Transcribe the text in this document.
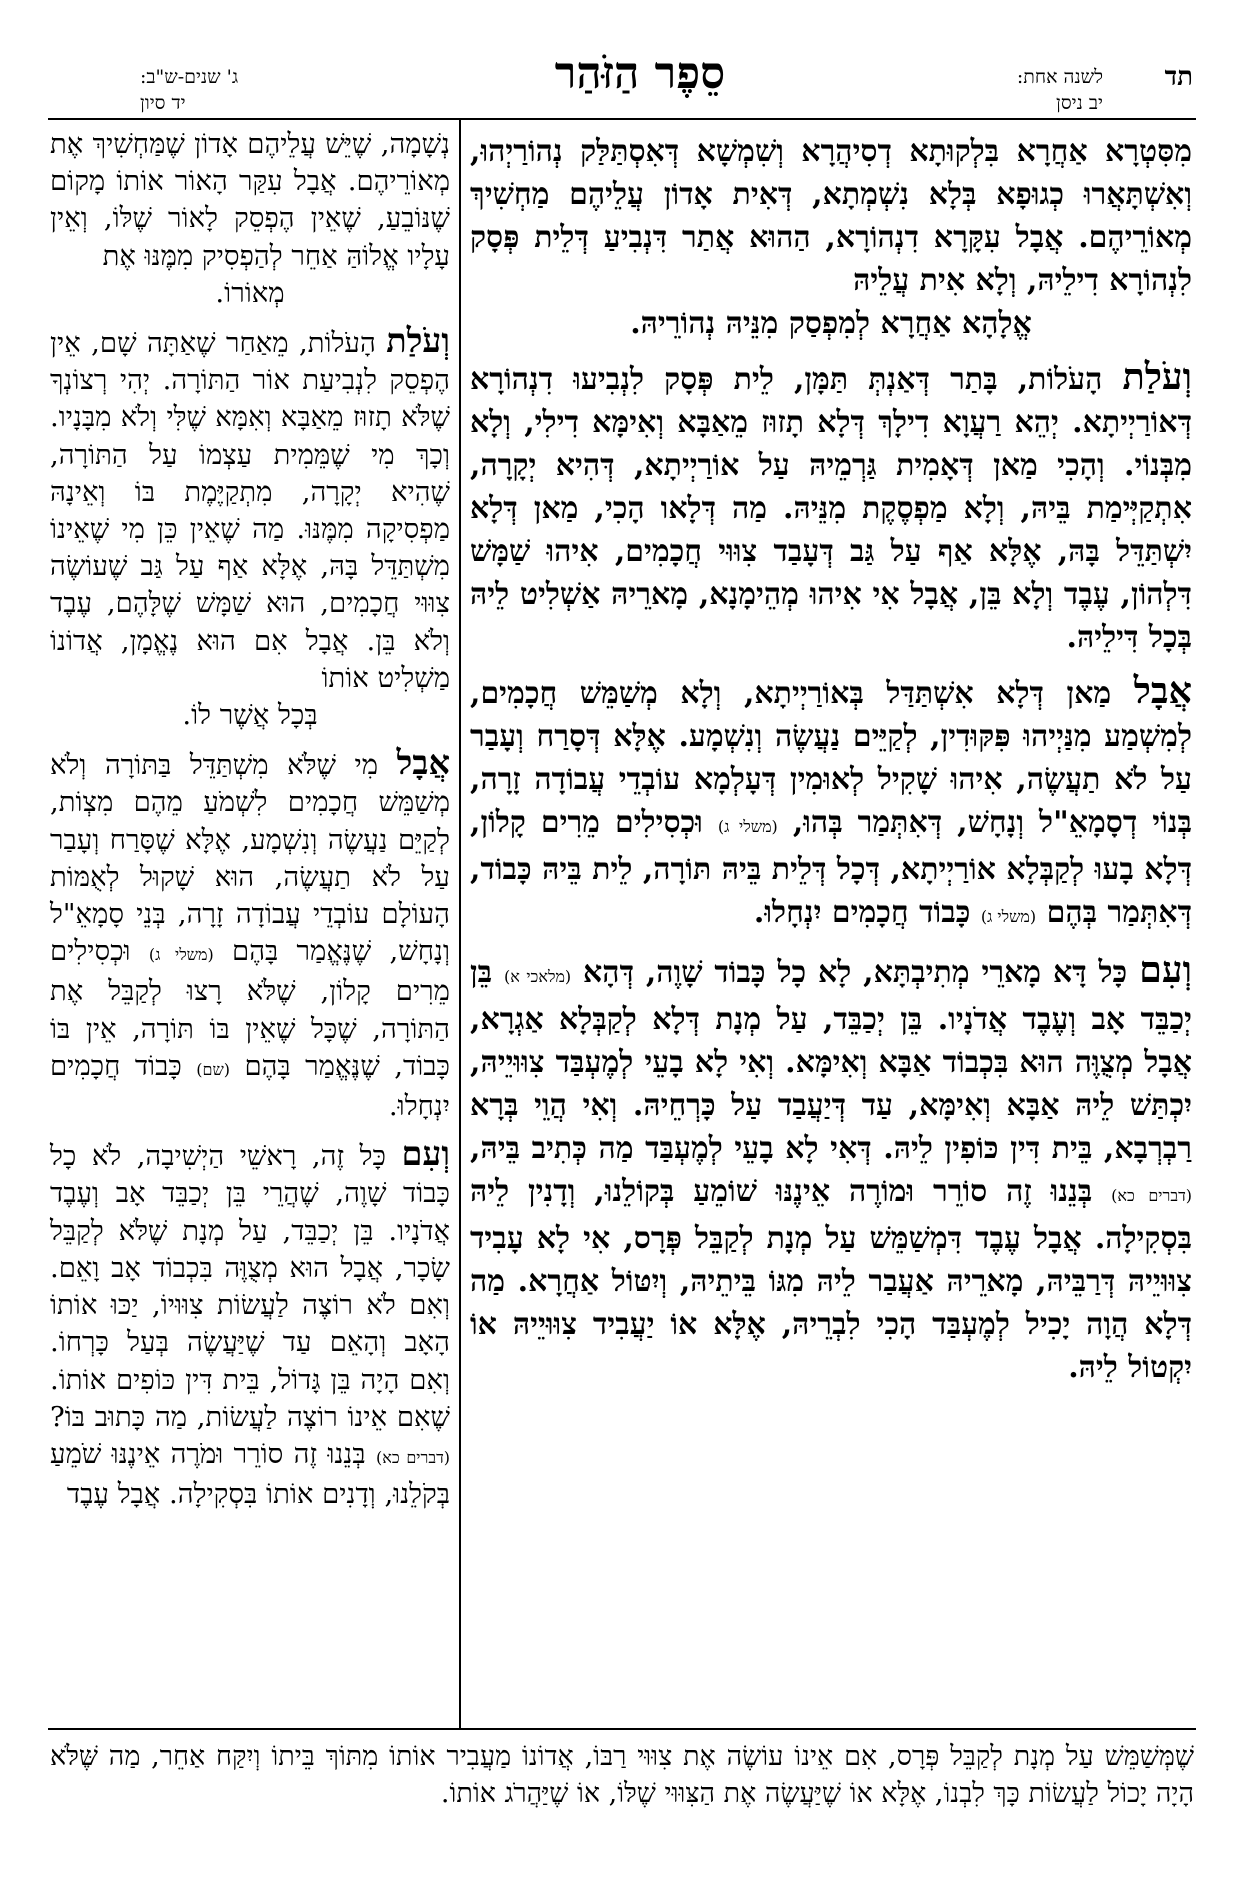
תד
לשנה אחת:
יב ניסן
סֵפֶר הַזֹּהַר
ג' שנים-ש"ב:
יד סיון

מִסִּטְרָא אַחֲרָא בִּלְקוּתָא דְסִיהֲרָא וְשִׁמְשָׁא דְּאִסְתַּלַּק נְהוֹרַיְהוּ, וְאִשְׁתָּאֲרוּ כְגוּפָא בְּלָא נִשְׁמְתָא, דְּאִית אָדוֹן עֲלֵיהֶם מַחְשִׁיךְ מְאוֹרֵיהֶם. אֲבָל עִקָּרָא דִנְהוֹרָא, הַהוּא אֲתַר דִּנְבִיעַ דְּלֵית פְּסָק לִנְהוֹרָא דִילֵיהּ, וְלָא אִית עֲלֵיהּ
אֱלָהָא אַחֲרָא לְמִפְסַק מִנֵּיהּ נְהוֹרֵיהּ.

וְעֹלַת הָעֹלוֹת, בָּתַר דְּאַנְתְּ תַּמָּן, לֵית פְּסָק לִנְבִיעוּ דִנְהוֹרָא דְּאוֹרַיְיתָא. יְהֵא רַעֲוָא דִילָךְ דְּלָא תָזוּז מֵאַבָּא וְאִימָּא דִילִי, וְלָא מִבְּנוֹי. וְהָכִי מַאן דְּאָמִית גַּרְמֵיהּ עַל אוֹרַיְיתָא, דְּהִיא יְקָרָה, אִתְקַיְּימַת בֵּיהּ, וְלָא מַפְסֶקֶת מִנֵּיהּ. מַה דְּלָאו הָכִי, מַאן דְּלָא יִשְׁתַּדֵּל בָּהּ, אֶלָּא אַף עַל גַּב דְּעָבַד צִוּוּי חֲכָמִים, אִיהוּ שַׁמָּשׁ דִּלְהוֹן, עֶבֶד וְלָא בֵּן, אֲבָל אִי אִיהוּ מְהֵימָנָא, מָארֵיהּ אַשְׁלִיט לֵיהּ בְּכָל דִּילֵיהּ.

אֲבָל מַאן דְּלָא אִשְׁתַּדַּל בְּאוֹרַיְיתָא, וְלָא מְשַׁמֵּשׁ חֲכָמִים, לְמִשְׁמַע מִנַּיְיהוּ פִּקּוּדִין, לְקַיֵּים נַעֲשֶׂה וְנִשְׁמָע. אֶלָּא דְּסָרַח וְעָבַר עַל לֹא תַעֲשֶׂה, אִיהוּ שָׁקִיל לְאוּמִין דְּעָלְמָא עוֹבְדֵי עֲבוֹדָה זָרָה, בְּנוֹי דְסָמָאֵ"ל וְנָחָשׁ, דְּאִתְּמַר בְּהוּ, (משלי ג) וּכְסִילִים מֵרִים קָלוֹן, דְּלָא בָעוּ לְקַבְּלָא אוֹרַיְיתָא, דְּכָל דְּלֵית בֵּיהּ תּוֹרָה, לֵית בֵּיהּ כָּבוֹד, דְּאִתְּמַר בְּהֶם (משלי ג) כָּבוֹד חֲכָמִים יִנְחָלוּ.

וְעִם כָּל דָּא מָארֵי מְתִיבְתָּא, לָא כָל כָּבוֹד שָׁוֶה, דְּהָא (מלאכי א) בֵּן יְכַבֵּד אָב וְעֶבֶד אֲדֹנָיו. בֵּן יְכַבֵּד, עַל מְנָת דְּלָא לְקַבְּלָא אַגְרָא, אֲבָל מְצֻוֶּה הוּא בִּכְבוֹד אַבָּא וְאִימָּא. וְאִי לָא בָעֵי לְמֶעְבַּד צִוּוּיֵיהּ, יִכְתַּשׁ לֵיהּ אַבָּא וְאִימָּא, עַד דְּיַעֲבַד עַל כָּרְחֵיהּ. וְאִי הֲוֵי בְּרָא רַבְרְבָא, בֵּית דִּין כּוֹפִין לֵיהּ. דְּאִי לָא בָעֵי לְמֶעְבַּד מַה כְּתִיב בֵּיהּ, (דברים כא) בְּנֵנוּ זֶה סוֹרֵר וּמוֹרֶה אֵינֶנּוּ שׁוֹמֵעַ בְּקוֹלֵנוּ, וְדָנִין לֵיהּ בִּסְקִילָה. אֲבָל עֶבֶד דִּמְשַׁמֵּשׁ עַל מְנָת לְקַבֵּל פְּרָס, אִי לָא עָבִיד צִוּוּיֵיהּ דְּרַבֵּיהּ, מָארֵיהּ אַעֲבַר לֵיהּ מִגּוֹ בֵּיתֵיהּ, וְיִטּוֹל אַחֲרָא. מַה דְּלָא הֲוָה יָכִיל לְמֶעְבַּד הָכִי לִבְרֵיהּ, אֶלָּא אוֹ יַעֲבִיד צִוּוּיֵיהּ אוֹ יִקְטוֹל לֵיהּ.

נְשָׁמָה, שֶׁיֵּשׁ עֲלֵיהֶם אָדוֹן שֶׁמַּחְשִׁיךְ אֶת מְאוֹרֵיהֶם. אֲבָל עִקַּר הָאוֹר אוֹתוֹ מָקוֹם שֶׁנּוֹבֵעַ, שֶׁאֵין הֶפְסֵק לָאוֹר שֶׁלּוֹ, וְאֵין עָלָיו אֱלוֹהַּ אַחֵר לְהַפְסִיק מִמֶּנּוּ אֶת
מְאוֹרוֹ.

וְעֹלַת הָעֹלוֹת, מֵאַחַר שֶׁאַתָּה שָׁם, אֵין הֶפְסֵק לִנְבִיעַת אוֹר הַתּוֹרָה. יְהִי רְצוֹנְךָ שֶׁלֹּא תָזוּז מֵאַבָּא וְאִמָּא שֶׁלִּי וְלֹא מִבָּנָיו. וְכָךְ מִי שֶׁמֵּמִית עַצְמוֹ עַל הַתּוֹרָה, שֶׁהִיא יְקָרָה, מִתְקַיֶּמֶת בּוֹ וְאֵינָהּ מַפְסִיקָה מִמֶּנּוּ. מַה שֶׁאֵין כֵּן מִי שֶׁאֵינוֹ מִשְׁתַּדֵּל בָּהּ, אֶלָּא אַף עַל גַּב שֶׁעוֹשֶׂה צִוּוּי חֲכָמִים, הוּא שַׁמָּשׁ שֶׁלָּהֶם, עֶבֶד וְלֹא בֵּן. אֲבָל אִם הוּא נֶאֱמָן, אֲדוֹנוֹ מַשְׁלִיט אוֹתוֹ
בְּכָל אֲשֶׁר לוֹ.

אֲבָל מִי שֶׁלֹּא מִשְׁתַּדֵּל בַּתּוֹרָה וְלֹא מְשַׁמֵּשׁ חֲכָמִים לִשְׁמֹעַ מֵהֶם מִצְוֹת, לְקַיֵּם נַעֲשֶׂה וְנִשְׁמָע, אֶלָּא שֶׁסָּרַח וְעָבַר עַל לֹא תַעֲשֶׂה, הוּא שָׁקוּל לְאֻמּוֹת הָעוֹלָם עוֹבְדֵי עֲבוֹדָה זָרָה, בְּנֵי סָמָאֵ"ל וְנָחָשׁ, שֶׁנֶּאֱמַר בָּהֶם (משלי ג) וּכְסִילִים מֵרִים קָלוֹן, שֶׁלֹּא רָצוּ לְקַבֵּל אֶת הַתּוֹרָה, שֶׁכָּל שֶׁאֵין בּוֹ תּוֹרָה, אֵין בּוֹ כָּבוֹד, שֶׁנֶּאֱמַר בָּהֶם (שם) כָּבוֹד חֲכָמִים יִנְחָלוּ.

וְעִם כָּל זֶה, רָאשֵׁי הַיְשִׁיבָה, לֹא כָל כָּבוֹד שָׁוֶה, שֶׁהֲרֵי בֵּן יְכַבֵּד אָב וְעֶבֶד אֲדֹנָיו. בֵּן יְכַבֵּד, עַל מְנָת שֶׁלֹּא לְקַבֵּל שָׂכָר, אֲבָל הוּא מְצֻוֶּה בִּכְבוֹד אָב וָאֵם. וְאִם לֹא רוֹצֶה לַעֲשׂוֹת צִוּוּיוֹ, יַכּוּ אוֹתוֹ הָאָב וְהָאֵם עַד שֶׁיַּעֲשֶׂה בְּעַל כָּרְחוֹ. וְאִם הָיָה בֵּן גָּדוֹל, בֵּית דִּין כּוֹפִים אוֹתוֹ. שֶׁאִם אֵינוֹ רוֹצֶה לַעֲשׂוֹת, מַה כָּתוּב בּוֹ? (דברים כא) בְּנֵנוּ זֶה סוֹרֵר וּמֹרֶה אֵינֶנּוּ שֹׁמֵעַ בְּקֹלֵנוּ, וְדָנִים אוֹתוֹ בִּסְקִילָה. אֲבָל עֶבֶד

שֶׁמְּשַׁמֵּשׁ עַל מְנָת לְקַבֵּל פְּרָס, אִם אֵינוֹ עוֹשֶׂה אֶת צִוּוּי רַבּוֹ, אֲדוֹנוֹ מַעֲבִיר אוֹתוֹ מִתּוֹךְ בֵּיתוֹ וְיִקַּח אַחֵר, מַה שֶּׁלֹּא הָיָה יָכוֹל לַעֲשׂוֹת כָּךְ לִבְנוֹ, אֶלָּא אוֹ שֶׁיַּעֲשֶׂה אֶת הַצִּוּוּי שֶׁלּוֹ, אוֹ שֶׁיַּהֲרֹג אוֹתוֹ.
